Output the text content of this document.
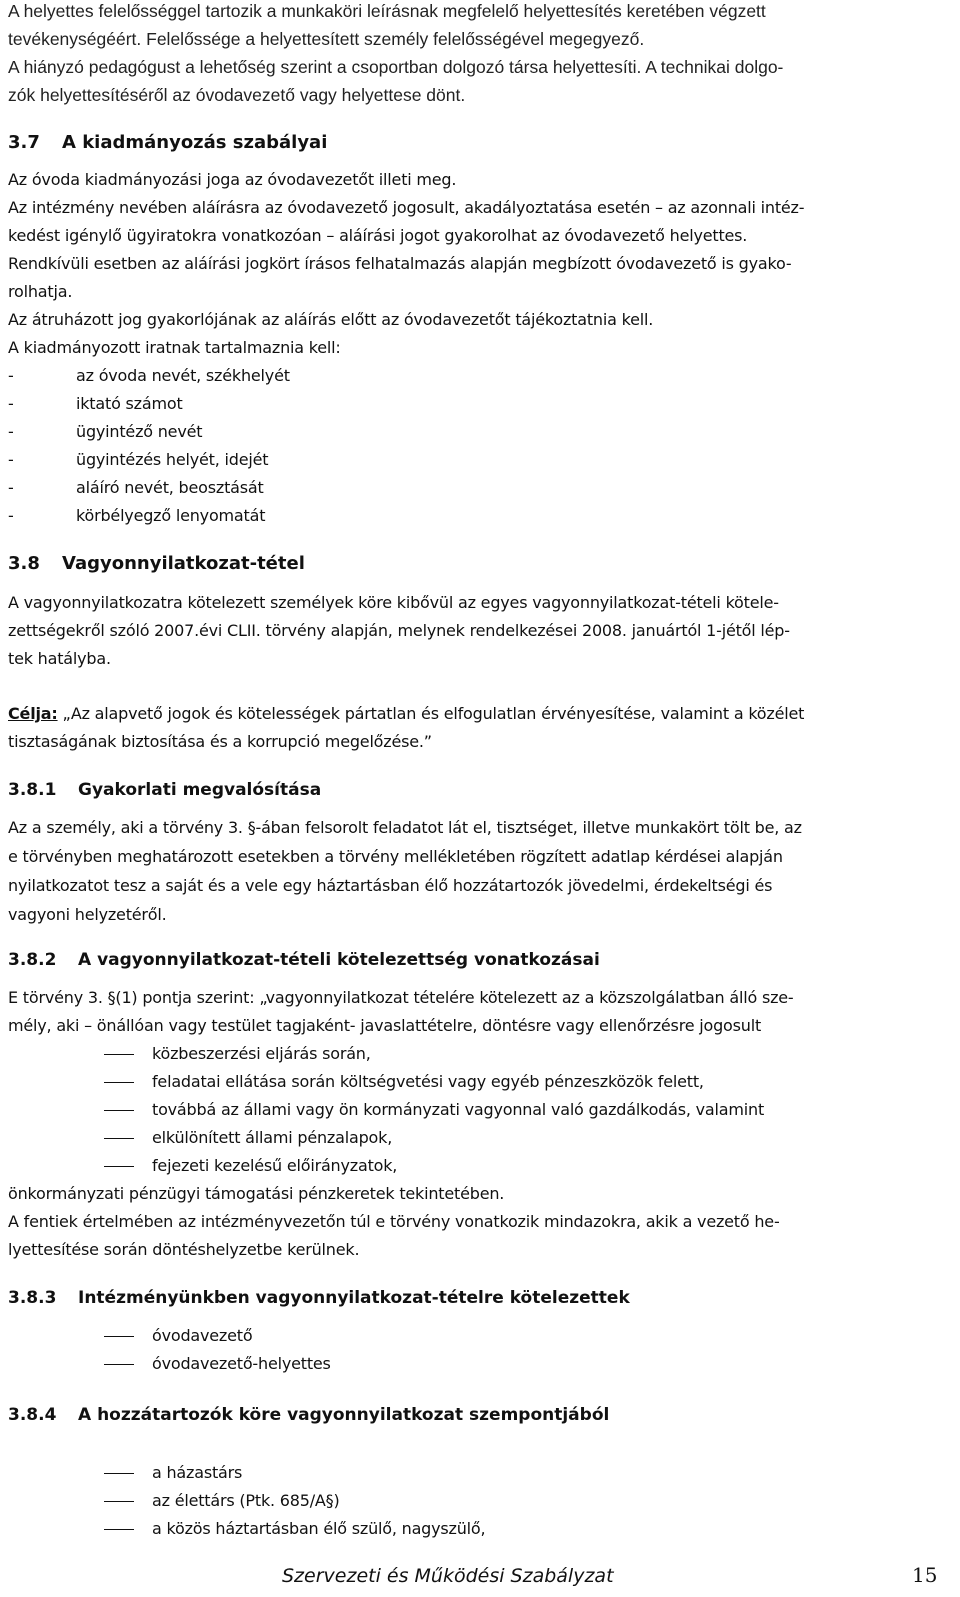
A helyettes felelősséggel tartozik a munkaköri leírásnak megfelelő helyettesítés keretében végzett

tevékenységéért. Felelőssége a helyettesített személy felelősségével megegyező.

A hiányzó pedagógust a lehetőség szerint a csoportban dolgozó társa helyettesíti. A technikai dolgo-

zók helyettesítéséről az óvodavezető vagy helyettese dönt.

3.7 A kiadmányozás szabályai

Az óvoda kiadmányozási joga az óvodavezetőt illeti meg.

Az intézmény nevében aláírásra az óvodavezető jogosult, akadályoztatása esetén – az azonnali intéz-

kedést igénylő ügyiratokra vonatkozóan – aláírási jogot gyakorolhat az óvodavezető helyettes.

Rendkívüli esetben az aláírási jogkört írásos felhatalmazás alapján megbízott óvodavezető is gyako-

rolhatja.

Az átruházott jog gyakorlójának az aláírás előtt az óvodavezetőt tájékoztatnia kell.

A kiadmányozott iratnak tartalmaznia kell:

-	az óvoda nevét, székhelyét
-	iktató számot
-	ügyintéző nevét
-	ügyintézés helyét, idejét
-	aláíró nevét, beosztását
-	körbélyegző lenyomatát
3.8 Vagyonnyilatkozat-tétel

A vagyonnyilatkozatra kötelezett személyek köre kibővül az egyes vagyonnyilatkozat-tételi kötele-

zettségekről szóló 2007.évi CLII. törvény alapján, melynek rendelkezései 2008. januártól 1-jétől lép-

tek hatályba.

Célja: „Az alapvető jogok és kötelességek pártatlan és elfogulatlan érvényesítése, valamint a közélet

tisztaságának biztosítása és a korrupció megelőzése.”

3.8.1 Gyakorlati megvalósítása

Az a személy, aki a törvény 3. §-ában felsorolt feladatot lát el, tisztséget, illetve munkakört tölt be, az

e törvényben meghatározott esetekben a törvény mellékletében rögzített adatlap kérdései alapján

nyilatkozatot tesz a saját és a vele egy háztartásban élő hozzátartozók jövedelmi, érdekeltségi és

vagyoni helyzetéről.

3.8.2 A vagyonnyilatkozat-tételi kötelezettség vonatkozásai

E törvény 3. §(1) pontja szerint: „vagyonnyilatkozat tételére kötelezett az a közszolgálatban álló sze-

mély, aki – önállóan vagy testület tagjaként- javaslattételre, döntésre vagy ellenőrzésre jogosult

közbeszerzési eljárás során,
feladatai ellátása során költségvetési vagy egyéb pénzeszközök felett,
továbbá az állami vagy ön kormányzati vagyonnal való gazdálkodás, valamint
elkülönített állami pénzalapok,
fejezeti kezelésű előirányzatok,

önkormányzati pénzügyi támogatási pénzkeretek tekintetében.

A fentiek értelmében az intézményvezetőn túl e törvény vonatkozik mindazokra, akik a vezető he-

lyettesítése során döntéshelyzetbe kerülnek.

3.8.3 Intézményünkben vagyonnyilatkozat-tételre kötelezettek
óvodavezető
óvodavezető-helyettes
3.8.4 A hozzátartozók köre vagyonnyilatkozat szempontjából
a házastárs
az élettárs (Ptk. 685/A§)
a közös háztartásban élő szülő, nagyszülő,
Szervezeti és Működési Szabályzat	15
